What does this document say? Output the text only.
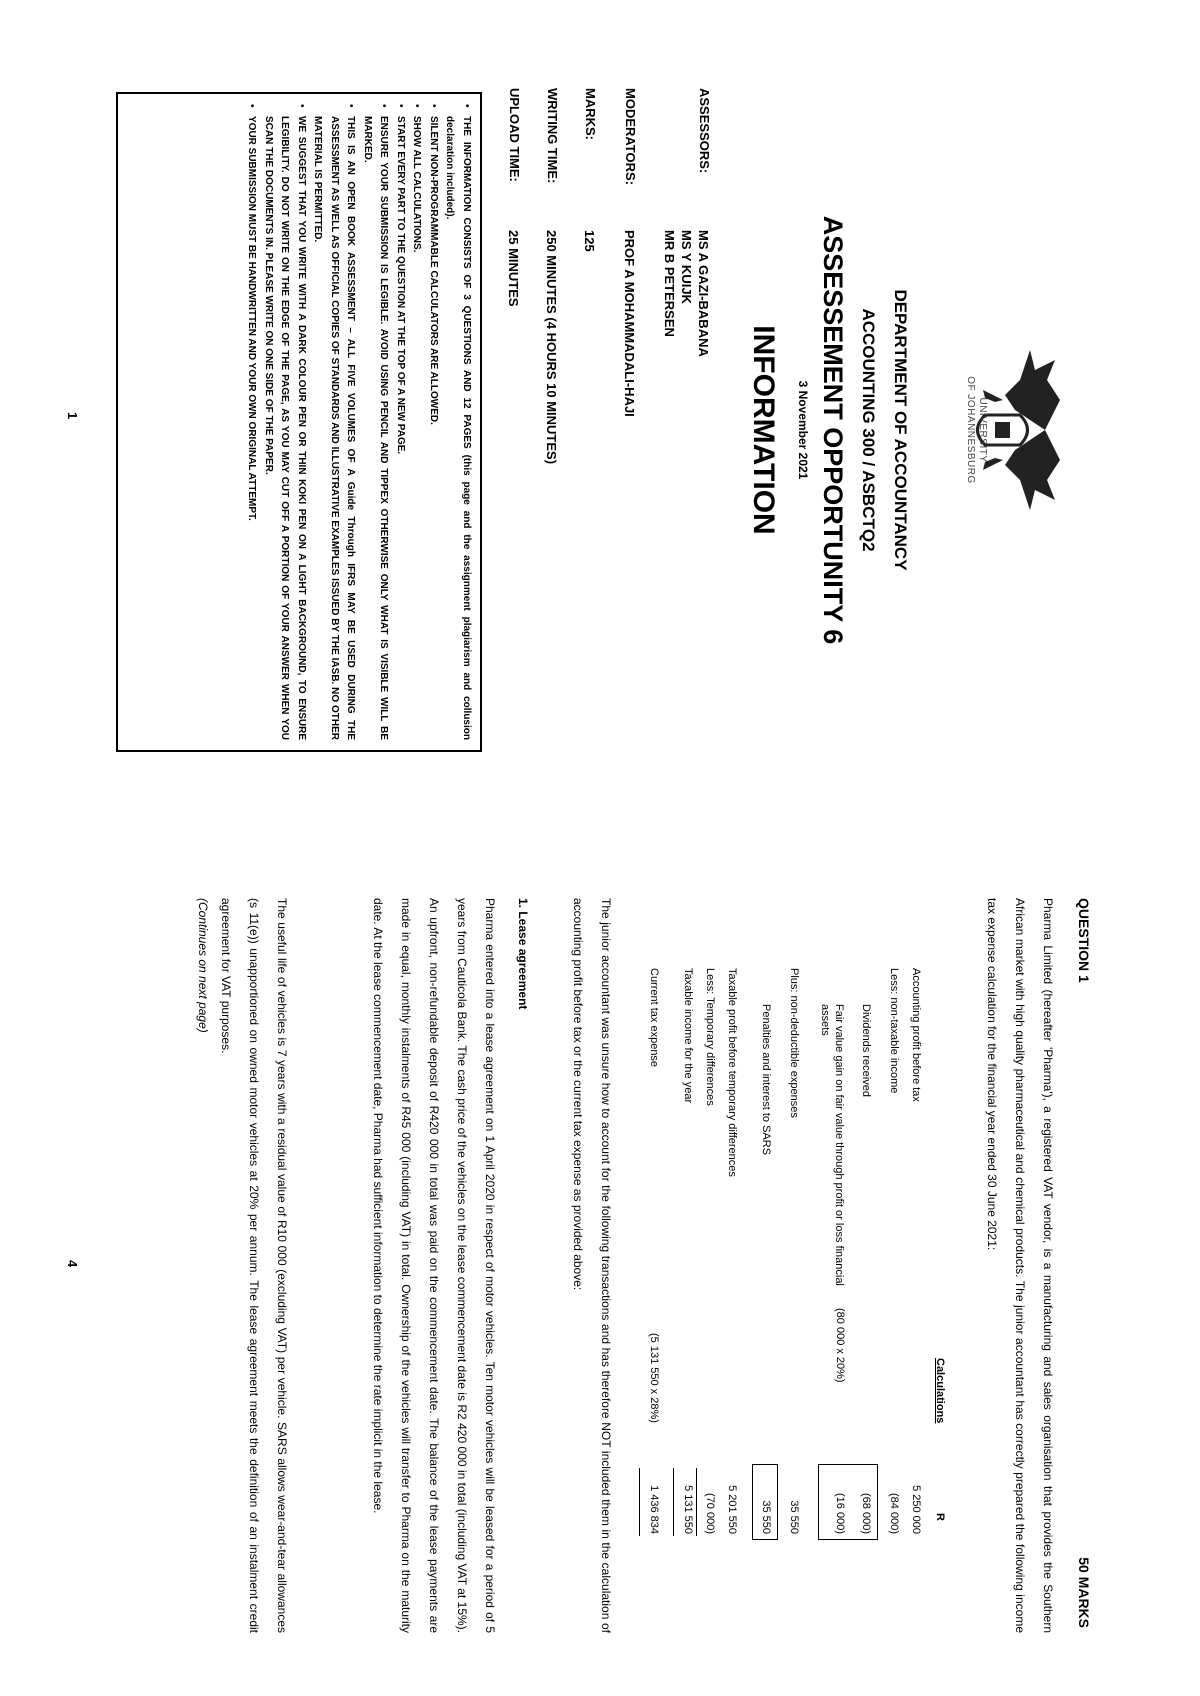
UNIVERSITY
OF JOHANNESBURG
DEPARTMENT OF ACCOUNTANCY
ACCOUNTING 300 / ASBCTQ2
ASSESSEMENT OPPORTUNITY 6
3 November 2021
INFORMATION
ASSESSORS:
MS A GAZI-BABANA
MS Y KUIJK
MR B PETERSEN
MODERATORS:
PROF A MOHAMMADALI-HAJI
MARKS:
125
WRITING TIME:
250 MINUTES (4 HOURS 10 MINUTES)
UPLOAD TIME:
25 MINUTES
•
THE INFORMATION CONSISTS OF 3 QUESTIONS AND 12 PAGES (this page and the assignment plagiarism and collusion declaration included).
•
SILENT NON-PROGRAMMABLE CALCULATORS ARE ALLOWED.
•
SHOW ALL CALCULATIONS.
•
START EVERY PART TO THE QUESTION AT THE TOP OF A NEW PAGE.
•
ENSURE YOUR SUBMISSION IS LEGIBLE. AVOID USING PENCIL AND TIPPEX OTHERWISE ONLY WHAT IS VISIBLE WILL BE MARKED.
•
THIS IS AN OPEN BOOK ASSESSMENT – ALL FIVE VOLUMES OF A Guide Through IFRS MAY BE USED DURING THE ASSESSMENT AS WELL AS OFFICIAL COPIES OF STANDARDS AND ILLUSTRATIVE EXAMPLES ISSUED BY THE IASB. NO OTHER MATERIAL IS PERMITTED.
•
WE SUGGEST THAT YOU WRITE WITH A DARK COLOUR PEN OR THIN KOKI PEN ON A LIGHT BACKGROUND, TO ENSURE LEGIBILITY. DO NOT WRITE ON THE EDGE OF THE PAGE, AS YOU MAY CUT OFF A PORTION OF YOUR ANSWER WHEN YOU SCAN THE DOCUMENTS IN. PLEASE WRITE ON ONE SIDE OF THE PAPER.
•
YOUR SUBMISSION MUST BE HANDWRITTEN AND YOUR OWN ORIGINAL ATTEMPT.
1
QUESTION 1
50 MARKS
Pharma Limited (hereafter 'Pharma'), a registered VAT vendor, is a manufacturing and sales organisation that provides the Southern African market with high quality pharmaceutical and chemical products. The junior accountant has correctly prepared the following income tax expense calculation for the financial year ended 30 June 2021:
Calculations
R
Accounting profit before tax
5 250 000
Less: non-taxable income
(84 000)
Dividends received
(68 000)
Fair value gain on fair value through profit or loss financial assets
(80 000 x 20%)
(16 000)
Plus: non-deductible expenses
35 550
Penalties and interest to SARS
35 550
Taxable profit before temporary differences
5 201 550
Less: Temporary differences
(70 000)
Taxable income for the year
5 131 550
Current tax expense
(5 131 550 x 28%)
1 436 834
The junior accountant was unsure how to account for the following transactions and has therefore NOT included them in the calculation of accounting profit before tax or the current tax expense as provided above:
1. Lease agreement
Pharma entered into a lease agreement on 1 April 2020 in respect of motor vehicles. Ten motor vehicles will be leased for a period of 5 years from Cauticola Bank. The cash price of the vehicles on the lease commencement date is R2 420 000 in total (including VAT at 15%). An upfront, non-refundable deposit of R420 000 in total was paid on the commencement date. The balance of the lease payments are made in equal, monthly instalments of R45 000 (including VAT) in total. Ownership of the vehicles will transfer to Pharma on the maturity date. At the lease commencement date, Pharma had sufficient information to determine the rate implicit in the lease.
The useful life of vehicles is 7 years with a residual value of R10 000 (excluding VAT) per vehicle. SARS allows wear-and-tear allowances (s 11(e)) unapportioned on owned motor vehicles at 20% per annum. The lease agreement meets the definition of an instalment credit agreement for VAT purposes.
(Continues on next page)
4
